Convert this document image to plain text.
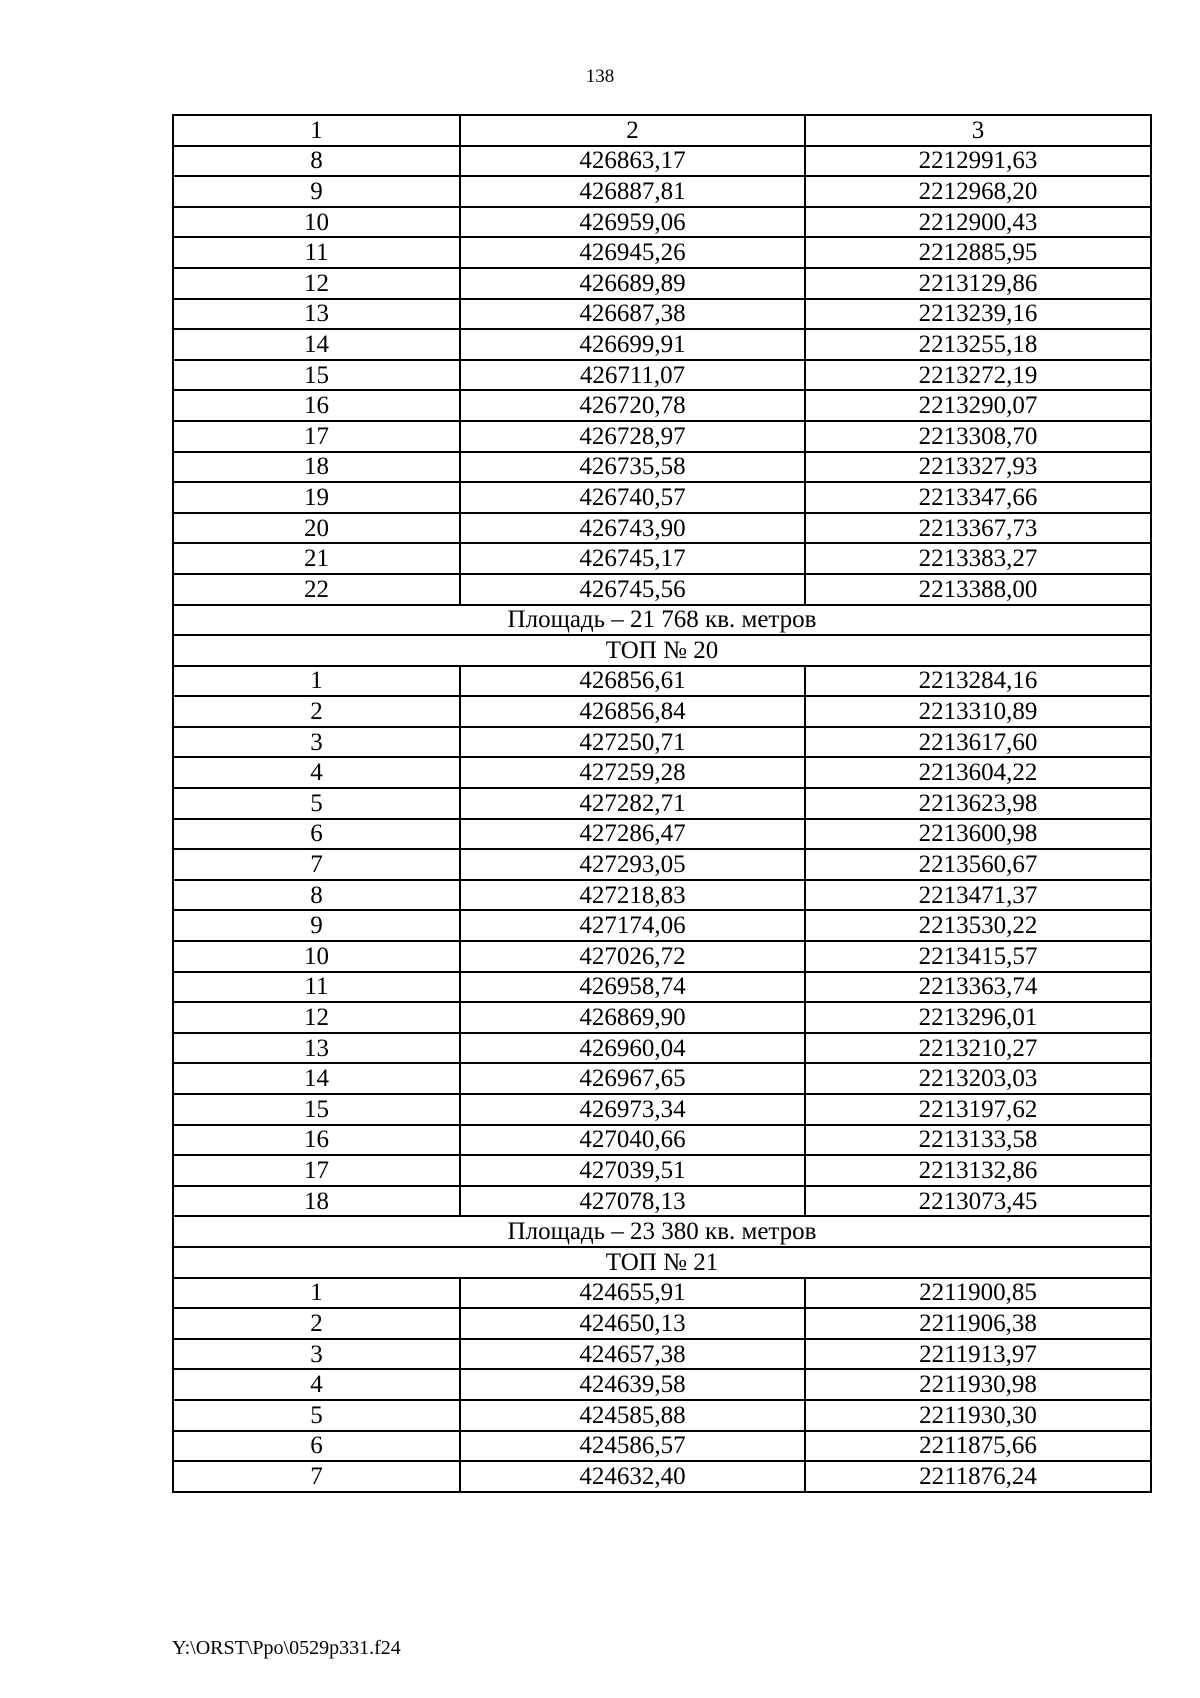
138
1	2	3
8	426863,17	2212991,63
9	426887,81	2212968,20
10	426959,06	2212900,43
11	426945,26	2212885,95
12	426689,89	2213129,86
13	426687,38	2213239,16
14	426699,91	2213255,18
15	426711,07	2213272,19
16	426720,78	2213290,07
17	426728,97	2213308,70
18	426735,58	2213327,93
19	426740,57	2213347,66
20	426743,90	2213367,73
21	426745,17	2213383,27
22	426745,56	2213388,00
Площадь – 21 768 кв. метров		
ТОП № 20		
1	426856,61	2213284,16
2	426856,84	2213310,89
3	427250,71	2213617,60
4	427259,28	2213604,22
5	427282,71	2213623,98
6	427286,47	2213600,98
7	427293,05	2213560,67
8	427218,83	2213471,37
9	427174,06	2213530,22
10	427026,72	2213415,57
11	426958,74	2213363,74
12	426869,90	2213296,01
13	426960,04	2213210,27
14	426967,65	2213203,03
15	426973,34	2213197,62
16	427040,66	2213133,58
17	427039,51	2213132,86
18	427078,13	2213073,45
Площадь – 23 380 кв. метров		
ТОП № 21		
1	424655,91	2211900,85
2	424650,13	2211906,38
3	424657,38	2211913,97
4	424639,58	2211930,98
5	424585,88	2211930,30
6	424586,57	2211875,66
7	424632,40	2211876,24
Y:\ORST\Ppo\0529p331.f24
